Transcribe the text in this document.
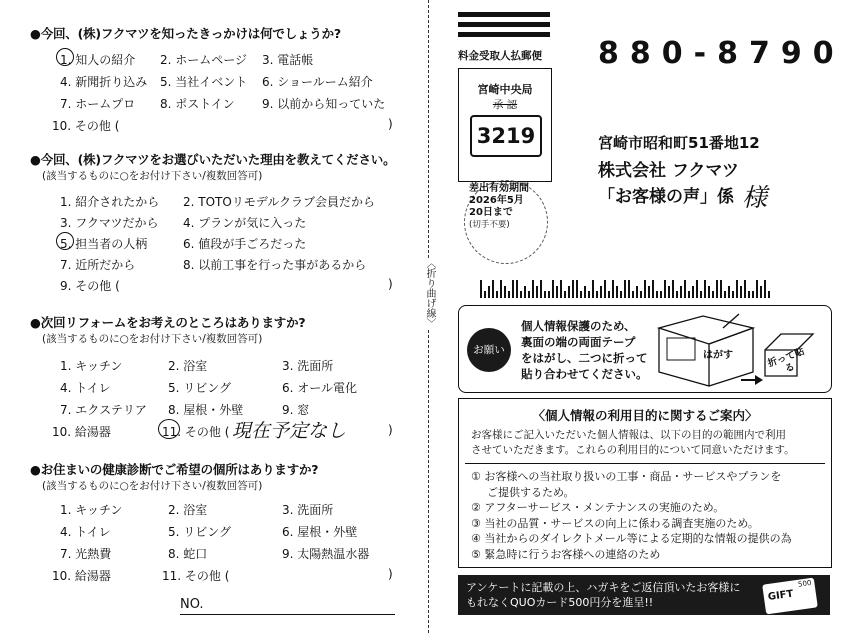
●今回、(株)フクマツを知ったきっかけは何でしょうか?
1. 知人の紹介 2. ホームページ 3. 電話帳
4. 新聞折り込み 5. 当社イベント 6. ショールーム紹介
7. ホームプロ 8. ポストイン 9. 以前から知っていた
10. その他 (	)
●今回、(株)フクマツをお選びいただいた理由を教えてください。
(該当するものに○をお付け下さい/複数回答可)
1. 紹介されたから 2. TOTOリモデルクラブ会員だから
3. フクマツだから 4. プランが気に入った
5. 担当者の人柄	6. 値段が手ごろだった
7. 近所だから	8. 以前工事を行った事があるから
9. その他 (	)
●次回リフォームをお考えのところはありますか?
(該当するものに○をお付け下さい/複数回答可)
1. キッチン	2. 浴室	3. 洗面所
4. トイレ	5. リビング	6. オール電化
7. エクステリア 8. 屋根・外壁	9. 窓
10. 給湯器	11. その他 ( 現在予定なし	)
●お住まいの健康診断でご希望の個所はありますか?
(該当するものに○をお付け下さい/複数回答可)
1. キッチン	2. 浴室	3. 洗面所
4. トイレ	5. リビング	6. 屋根・外壁
7. 光熱費	8. 蛇口	9. 太陽熱温水器
10. 給湯器	11. その他 (	)
NO.
〈折り曲げ線〉
料金受取人払郵便
宮崎中央局
承 認
3219
差出有効期間
2026年5月
20日まで
(切手不要)
880-8790
宮崎市昭和町51番地12
株式会社 フクマツ
「お客様の声」係 様
お願い
個人情報保護のため、
裏面の端の両面テープ
をはがし、二つに折って
貼り合わせてください。
はがす	折って貼る
〈個人情報の利用目的に関するご案内〉
お客様にご記入いただいた個人情報は、以下の目的の範囲内で利用
させていただきます。これらの利用目的について同意いただけます。
① お客様への当社取り扱いの工事・商品・サービスやプランを
ご提供するため。
② アフターサービス・メンテナンスの実施のため。
③ 当社の品質・サービスの向上に係わる調査実施のため。
④ 当社からのダイレクトメール等による定期的な情報の提供の為
⑤ 緊急時に行うお客様への連絡のため
アンケートに記載の上、ハガキをご返信頂いたお客様に
もれなくQUOカード500円分を進呈!!	GIFT
500
